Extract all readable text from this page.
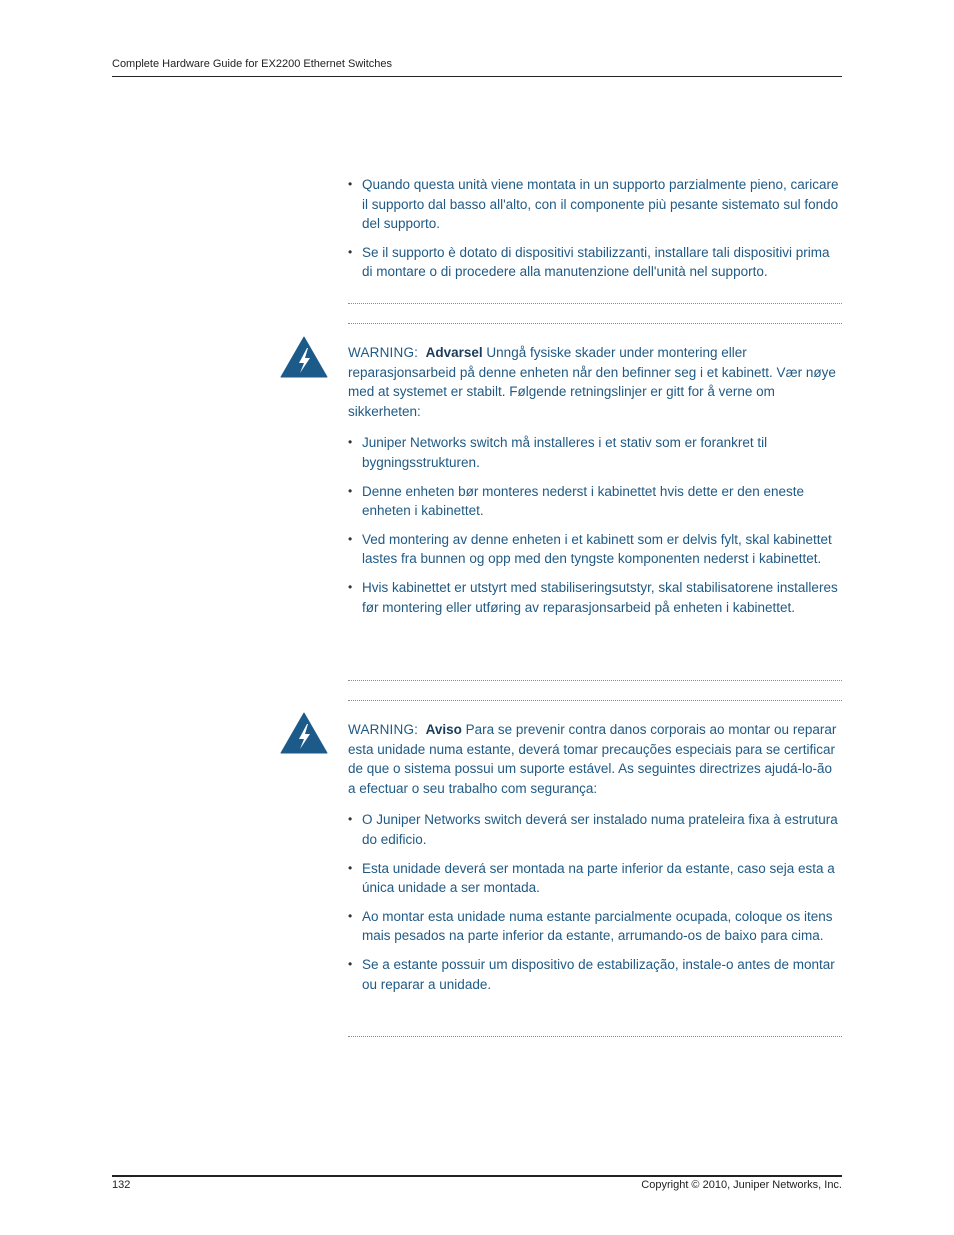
Complete Hardware Guide for EX2200 Ethernet Switches
• Quando questa unità viene montata in un supporto parzialmente pieno, caricare il supporto dal basso all'alto, con il componente più pesante sistemato sul fondo del supporto.
• Se il supporto è dotato di dispositivi stabilizzanti, installare tali dispositivi prima di montare o di procedere alla manutenzione dell'unità nel supporto.

WARNING: Advarsel Unngå fysiske skader under montering eller reparasjonsarbeid på denne enheten når den befinner seg i et kabinett. Vær nøye med at systemet er stabilt. Følgende retningslinjer er gitt for å verne om sikkerheten:

• Juniper Networks switch må installeres i et stativ som er forankret til bygningsstrukturen.
• Denne enheten bør monteres nederst i kabinettet hvis dette er den eneste enheten i kabinettet.
• Ved montering av denne enheten i et kabinett som er delvis fylt, skal kabinettet lastes fra bunnen og opp med den tyngste komponenten nederst i kabinettet.
• Hvis kabinettet er utstyrt med stabiliseringsutstyr, skal stabilisatorene installeres før montering eller utføring av reparasjonsarbeid på enheten i kabinettet.

WARNING: Aviso Para se prevenir contra danos corporais ao montar ou reparar esta unidade numa estante, deverá tomar precauções especiais para se certificar de que o sistema possui um suporte estável. As seguintes directrizes ajudá-lo-ão a efectuar o seu trabalho com segurança:

• O Juniper Networks switch deverá ser instalado numa prateleira fixa à estrutura do edificio.
• Esta unidade deverá ser montada na parte inferior da estante, caso seja esta a única unidade a ser montada.
• Ao montar esta unidade numa estante parcialmente ocupada, coloque os itens mais pesados na parte inferior da estante, arrumando-os de baixo para cima.
• Se a estante possuir um dispositivo de estabilização, instale-o antes de montar ou reparar a unidade.
132	Copyright © 2010, Juniper Networks, Inc.
